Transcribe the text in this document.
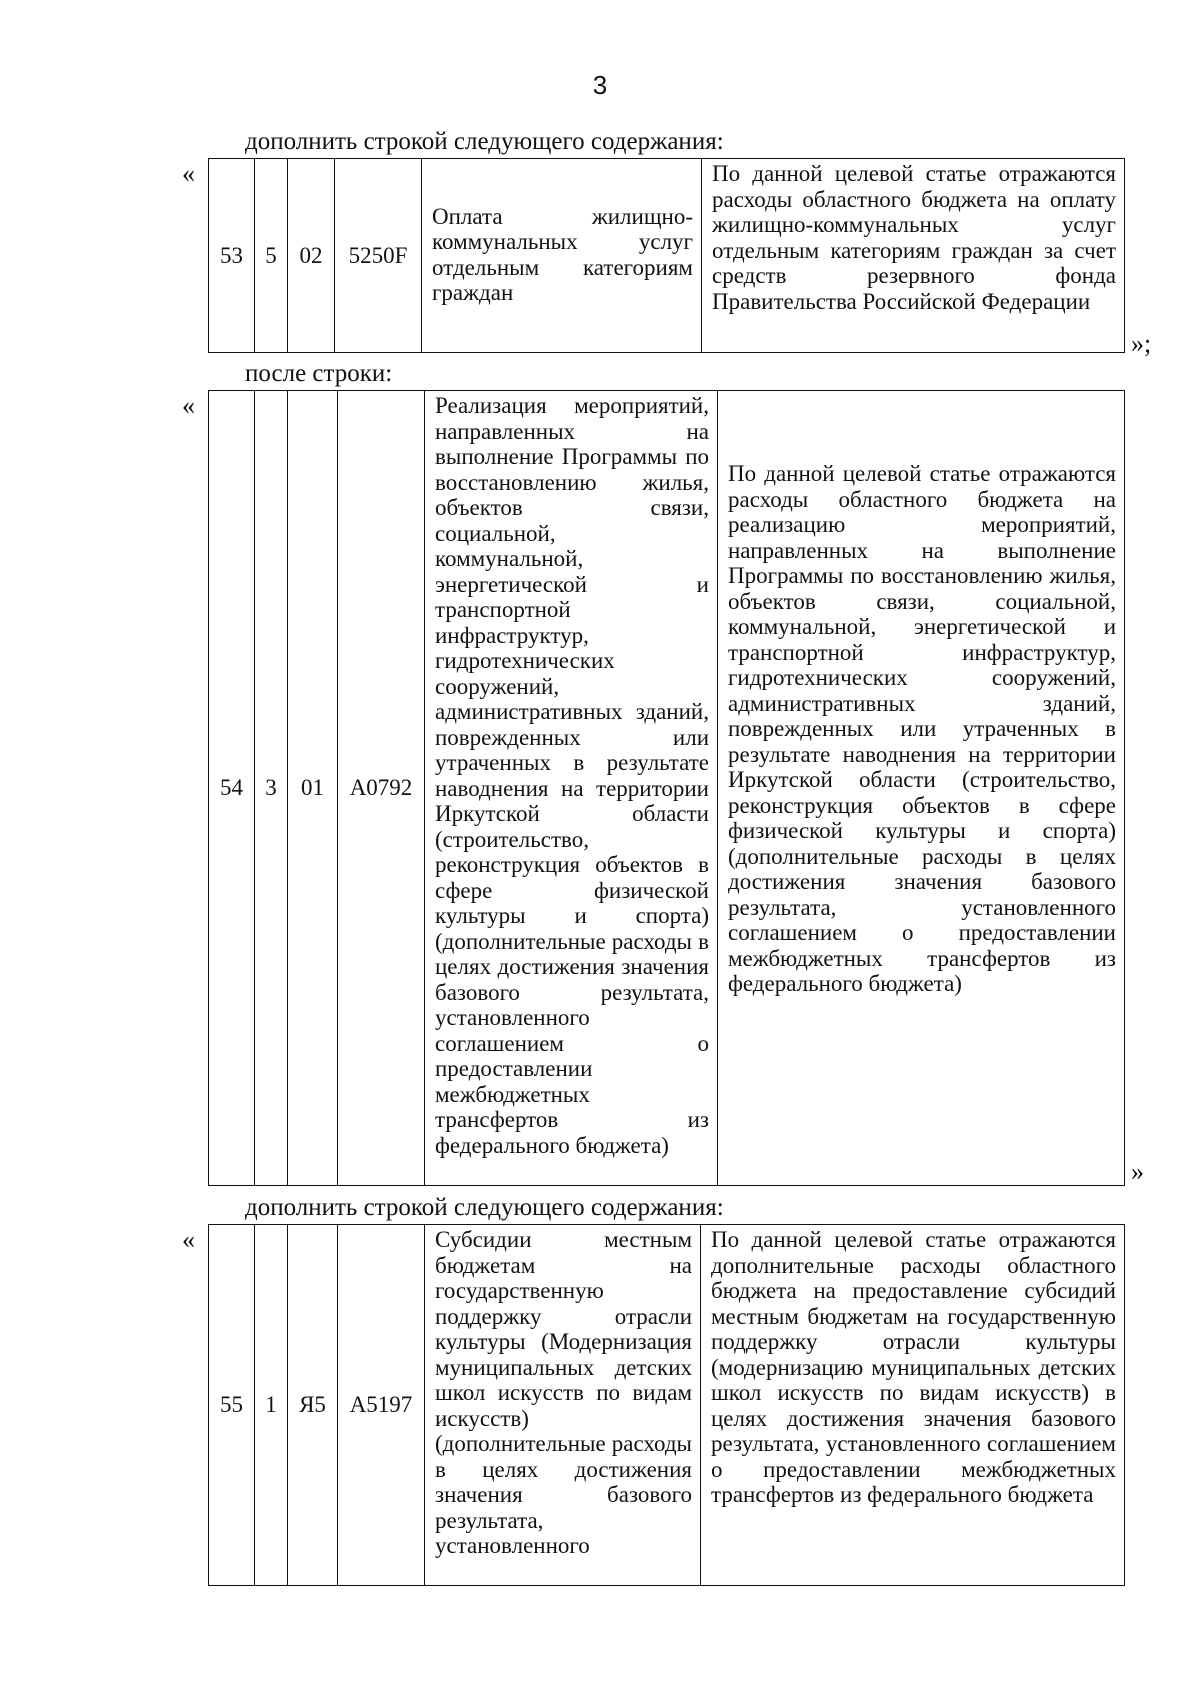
3
дополнить строкой следующего содержания:
«
53	5	02	5250F	Оплата жилищно-коммунальных услуг отдельным категориям граждан	По данной целевой статье отражаются расходы областного бюджета на оплату жилищно-коммунальных услуг отдельным категориям граждан за счет средств резервного фонда Правительства Российской Федерации
»;
после строки:
«
54	3	01	А0792	Реализация мероприятий, направленных на выполнение Программы по восстановлению жилья, объектов связи, социальной, коммунальной, энергетической и транспортной инфраструктур, гидротехнических сооружений, административных зданий, поврежденных или утраченных в результате наводнения на территории Иркутской области (строительство, реконструкция объектов в сфере физической культуры и спорта) (дополнительные расходы в целях достижения значения базового результата, установленного соглашением о предоставлении межбюджетных трансфертов из федерального бюджета)	По данной целевой статье отражаются расходы областного бюджета на реализацию мероприятий, направленных на выполнение Программы по восстановлению жилья, объектов связи, социальной, коммунальной, энергетической и транспортной инфраструктур, гидротехнических сооружений, административных зданий, поврежденных или утраченных в результате наводнения на территории Иркутской области (строительство, реконструкция объектов в сфере физической культуры и спорта) (дополнительные расходы в целях достижения значения базового результата, установленного соглашением о предоставлении межбюджетных трансфертов из федерального бюджета)
»
дополнить строкой следующего содержания:
«
55	1	Я5	А5197	Субсидии местным бюджетам на государственную поддержку отрасли культуры (Модернизация муниципальных детских школ искусств по видам искусств) (дополнительные расходы в целях достижения значения базового результата, установленного	По данной целевой статье отражаются дополнительные расходы областного бюджета на предоставление субсидий местным бюджетам на государственную поддержку отрасли культуры (модернизацию муниципальных детских школ искусств по видам искусств) в целях достижения значения базового результата, установленного соглашением о предоставлении межбюджетных трансфертов из федерального бюджета
